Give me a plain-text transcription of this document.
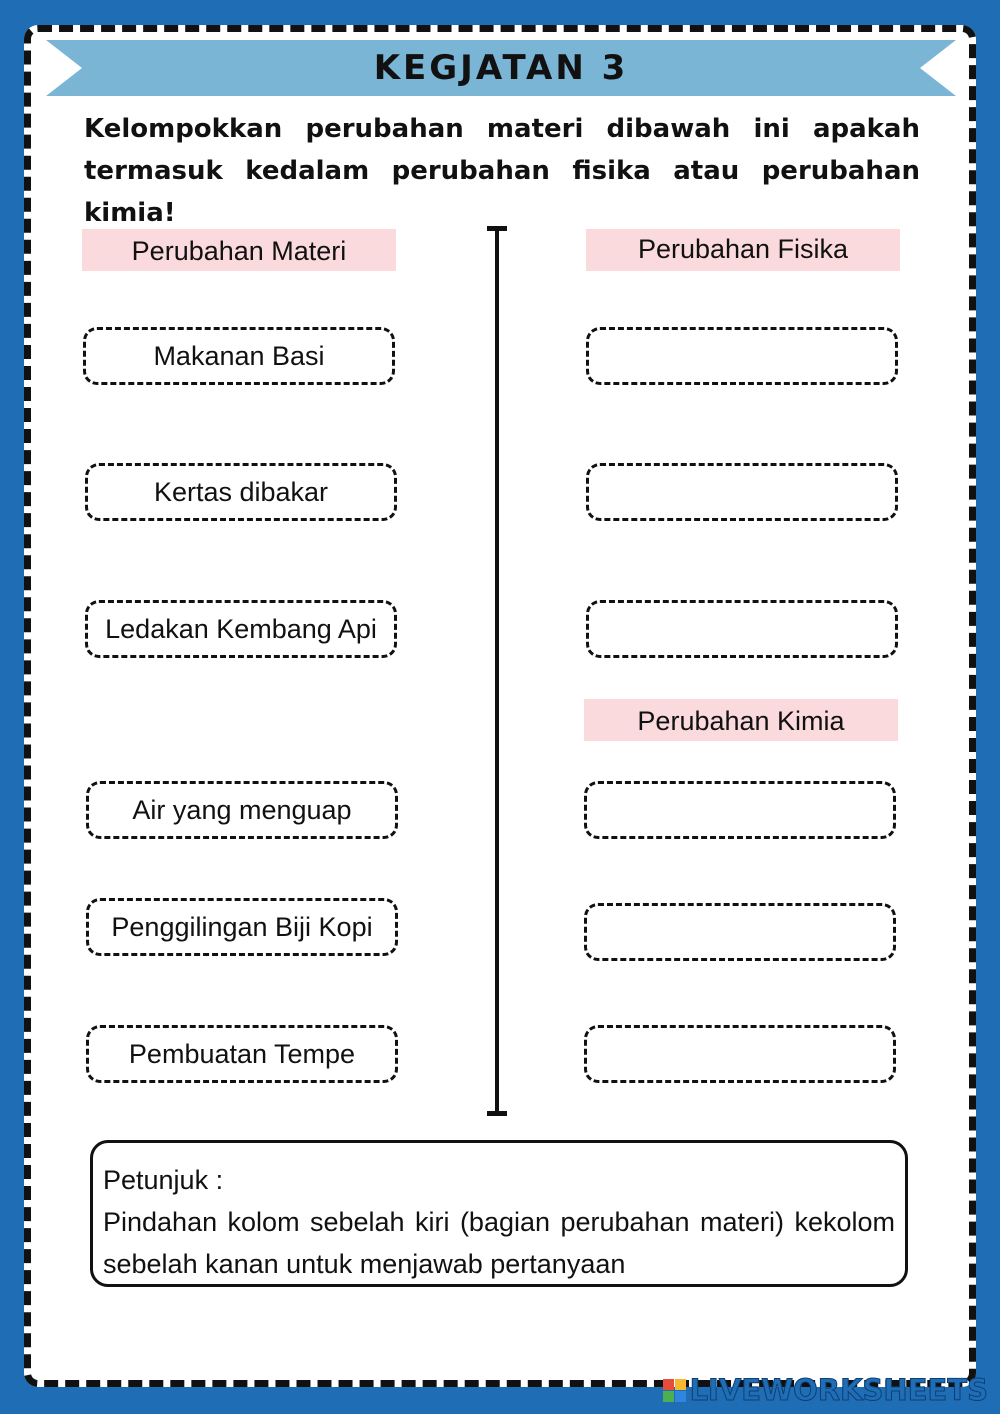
KEGJATAN 3
Kelompokkan perubahan materi dibawah ini apakah termasuk kedalam perubahan fisika atau perubahan kimia!
Perubahan Materi
Makanan Basi
Kertas dibakar
Ledakan Kembang Api
Air yang menguap
Penggilingan Biji Kopi
Pembuatan Tempe
Perubahan Fisika
Perubahan Kimia
Petunjuk :
Pindahan kolom sebelah kiri (bagian perubahan materi) kekolom sebelah kanan untuk menjawab pertanyaan
LIVEWORKSHEETS
